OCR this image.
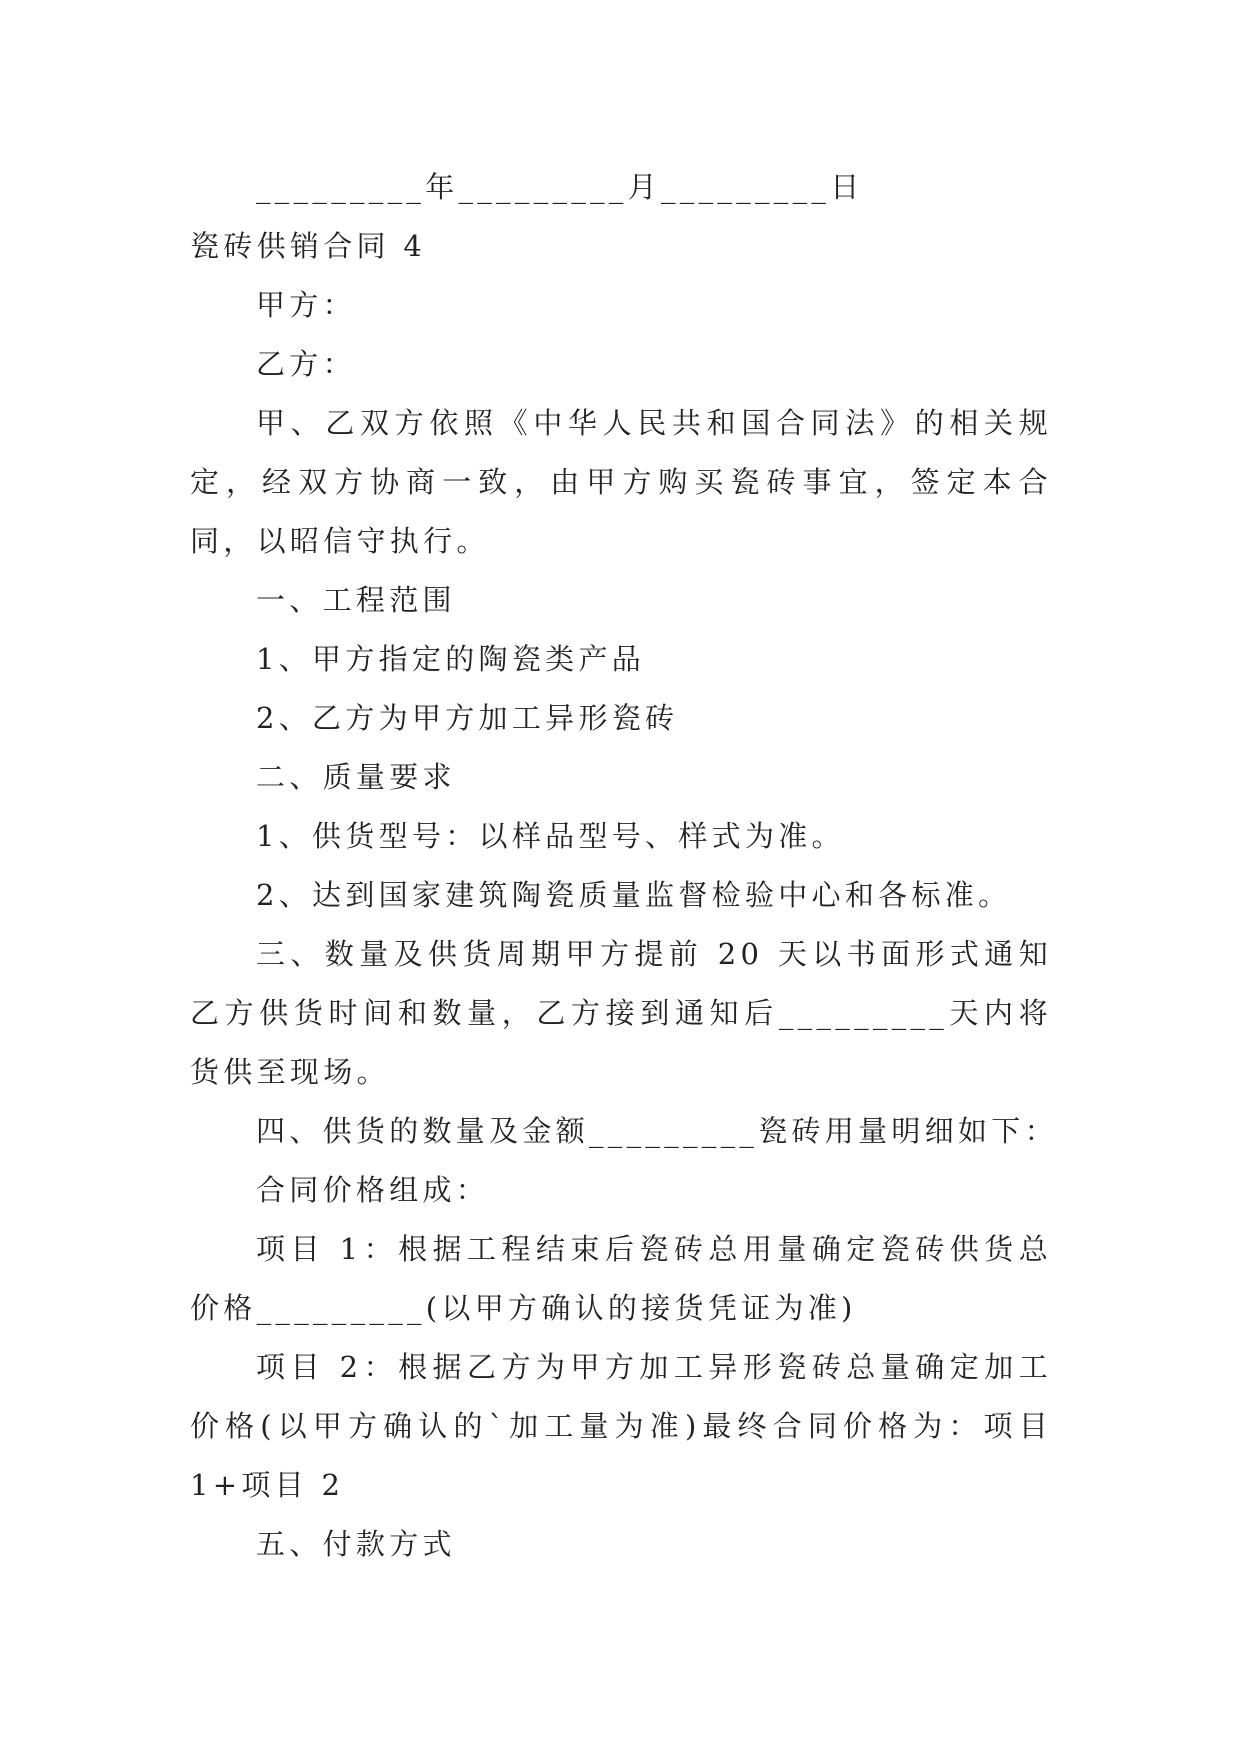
_________年_________月_________日

瓷砖供销合同 4

甲方：

乙方：

甲、乙双方依照《中华人民共和国合同法》的相关规定，经双方协商一致，由甲方购买瓷砖事宜，签定本合同，以昭信守执行。

一、工程范围

1、甲方指定的陶瓷类产品

2、乙方为甲方加工异形瓷砖

二、质量要求

1、供货型号：以样品型号、样式为准。

2、达到国家建筑陶瓷质量监督检验中心和各标准。

三、数量及供货周期甲方提前 20 天以书面形式通知乙方供货时间和数量，乙方接到通知后_________天内将货供至现场。

四、供货的数量及金额_________瓷砖用量明细如下：

合同价格组成：

项目 1：根据工程结束后瓷砖总用量确定瓷砖供货总价格_________(以甲方确认的接货凭证为准)

项目 2：根据乙方为甲方加工异形瓷砖总量确定加工价格(以甲方确认的`加工量为准)最终合同价格为：项目 1+项目 2

五、付款方式
